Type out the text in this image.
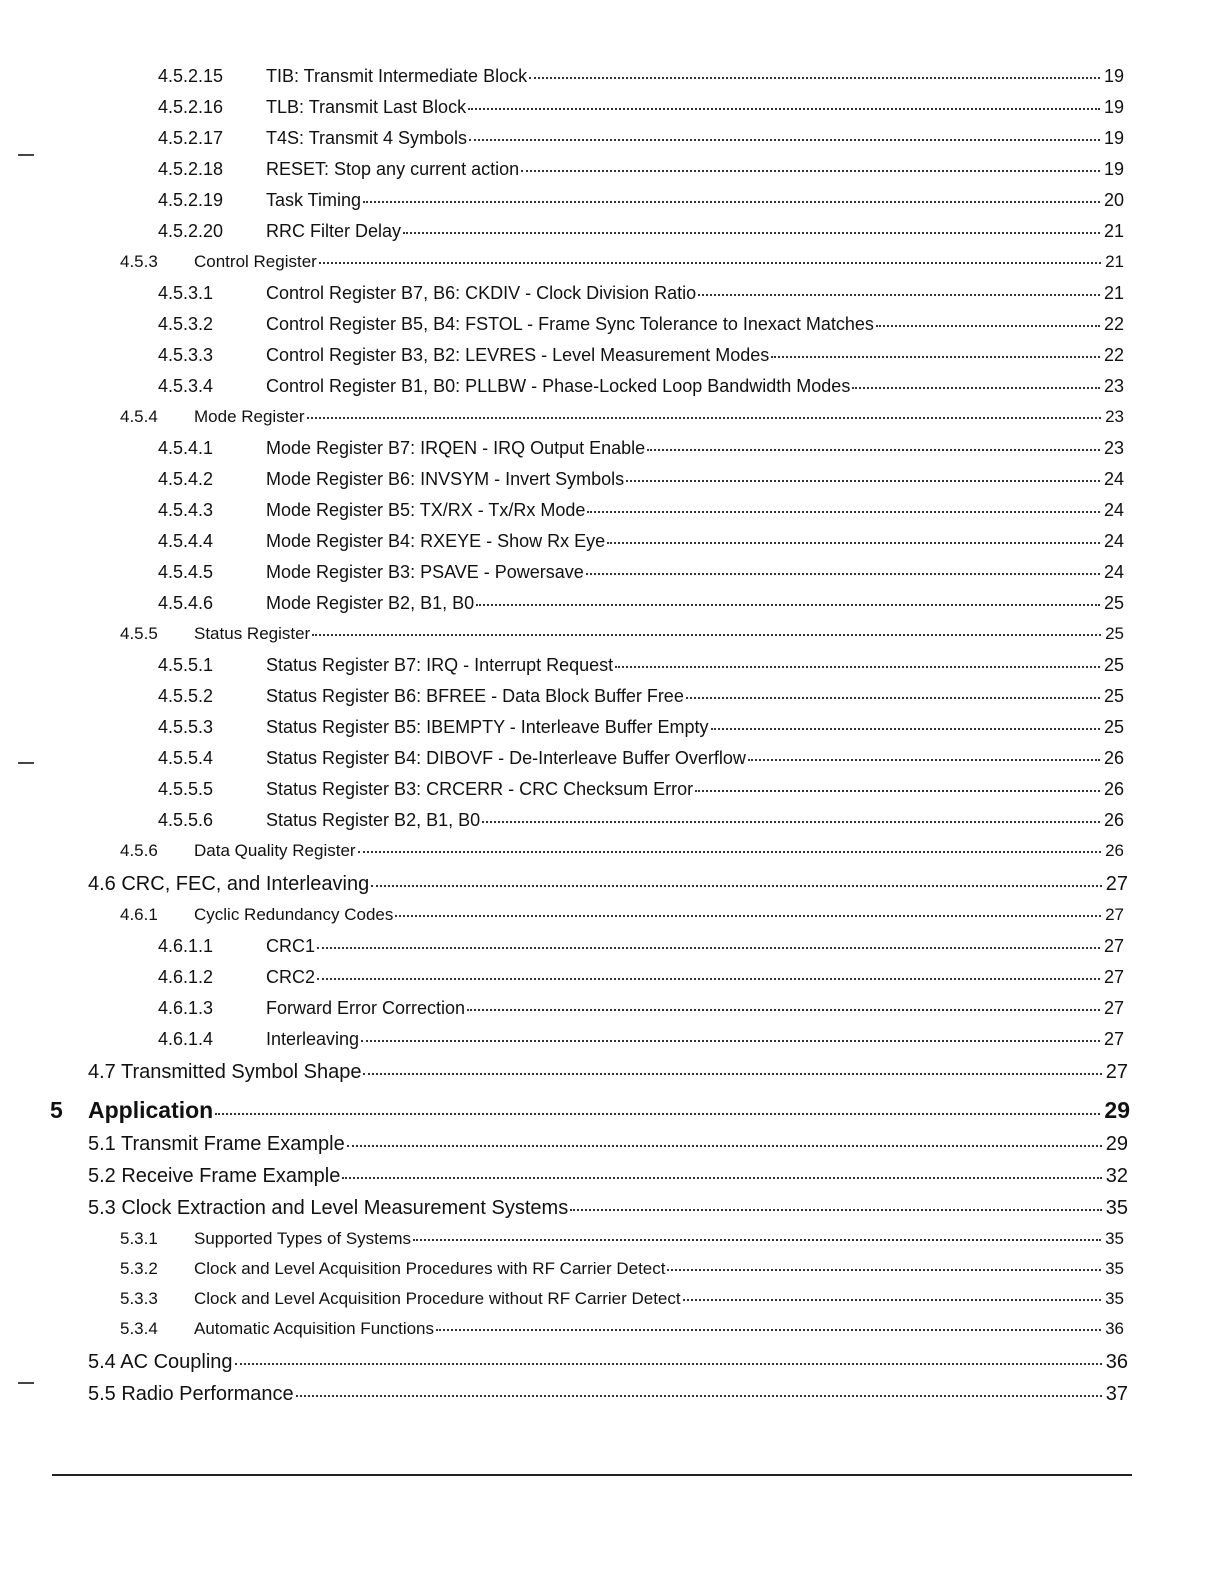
4.5.2.15	TIB: Transmit Intermediate Block	19
4.5.2.16	TLB: Transmit Last Block	19
4.5.2.17	T4S: Transmit 4 Symbols	19
4.5.2.18	RESET: Stop any current action	19
4.5.2.19	Task Timing	20
4.5.2.20	RRC Filter Delay	21
4.5.3	Control Register	21
4.5.3.1	Control Register B7, B6: CKDIV - Clock Division Ratio	21
4.5.3.2	Control Register B5, B4: FSTOL - Frame Sync Tolerance to Inexact Matches	22
4.5.3.3	Control Register B3, B2: LEVRES - Level Measurement Modes	22
4.5.3.4	Control Register B1, B0: PLLBW - Phase-Locked Loop Bandwidth Modes	23
4.5.4	Mode Register	23
4.5.4.1	Mode Register B7: IRQEN - IRQ Output Enable	23
4.5.4.2	Mode Register B6: INVSYM - Invert Symbols	24
4.5.4.3	Mode Register B5: TX/RX - Tx/Rx Mode	24
4.5.4.4	Mode Register B4: RXEYE - Show Rx Eye	24
4.5.4.5	Mode Register B3: PSAVE - Powersave	24
4.5.4.6	Mode Register B2, B1, B0	25
4.5.5	Status Register	25
4.5.5.1	Status Register B7: IRQ - Interrupt Request	25
4.5.5.2	Status Register B6: BFREE - Data Block Buffer Free	25
4.5.5.3	Status Register B5: IBEMPTY - Interleave Buffer Empty	25
4.5.5.4	Status Register B4: DIBOVF - De-Interleave Buffer Overflow	26
4.5.5.5	Status Register B3: CRCERR - CRC Checksum Error	26
4.5.5.6	Status Register B2, B1, B0	26
4.5.6	Data Quality Register	26
4.6 CRC, FEC, and Interleaving	27
4.6.1	Cyclic Redundancy Codes	27
4.6.1.1	CRC1	27
4.6.1.2	CRC2	27
4.6.1.3	Forward Error Correction	27
4.6.1.4	Interleaving	27
4.7 Transmitted Symbol Shape	27
5	Application	29
5.1 Transmit Frame Example	29
5.2 Receive Frame Example	32
5.3 Clock Extraction and Level Measurement Systems	35
5.3.1	Supported Types of Systems	35
5.3.2	Clock and Level Acquisition Procedures with RF Carrier Detect	35
5.3.3	Clock and Level Acquisition Procedure without RF Carrier Detect	35
5.3.4	Automatic Acquisition Functions	36
5.4 AC Coupling	36
5.5 Radio Performance	37
